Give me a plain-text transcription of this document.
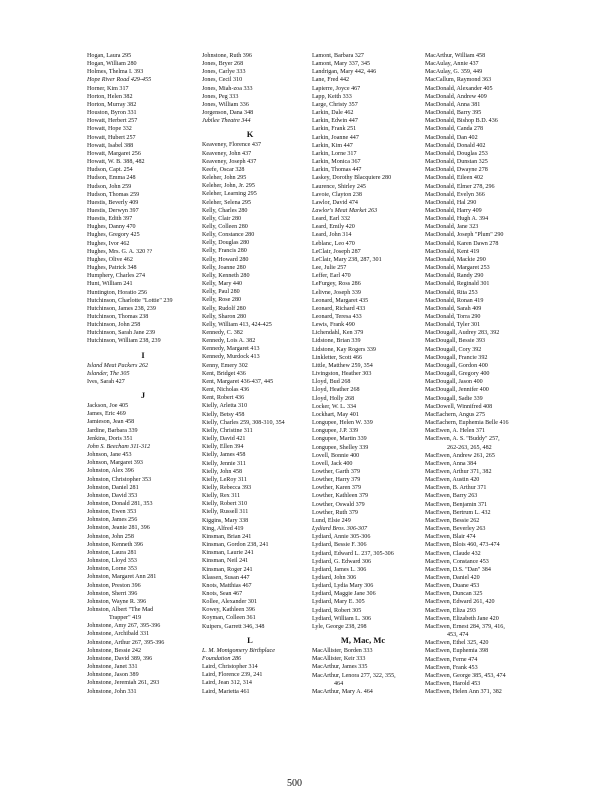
Hogan, Laura 295
Hogan, William 280
Holmes, Thelma I. 393
Hope River Road 429-455
Horner, Kim 317
Horton, Helen 382
Horton, Murray 382
Houston, Byron 331
Howatt, Herbert 257
Howatt, Hope 332
Howatt, Hubert 257
Howatt, Isabel 388
Howatt, Margaret 256
Howatt, W. B. 388, 482
Hudson, Capt. 254
Hudson, Emma 248
Hudson, John 259
Hudson, Thomas 259
Huestis, Beverly 409
Huestis, Derwyn 397
Huestis, Edith 397
Hughes, Danny 470
Hughes, Gregory 425
Hughes, Ivor 462
Hughes, Mrs. G. A. 320 ??
Hughes, Olive 462
Hughes, Patrick 348
Humphery, Charles 274
Hunt, William 241
Huntington, Horatio 256
Hutchinson, Charlotte "Lottie" 239
Hutchinson, James 238, 239
Hutchinson, Thomas 238
Hutchinson, John 258
Hutchinson, Sarah Jane 239
Hutchinson, William 238, 239
I
Island Meat Packers 262
Islander, The 305
Ives, Sarah 427
J
Jackson, Joe 405
James, Eric 469
Jamieson, Jean 458
Jardine, Barbara 339
Jenkins, Doris 351
John S. Beecham 311-312
Johnson, Jane 453
Johnson, Margaret 393
Johnston, Alex 396
Johnston, Christopher 353
Johnston, Daniel 281
Johnston, David 353
Johnston, Donald 281, 353
Johnston, Ewen 353
Johnston, James 256
Johnston, Jeanie 281, 396
Johnston, John 258
Johnston, Kenneth 396
Johnston, Laura 281
Johnston, Lloyd 353
Johnston, Lorne 353
Johnston, Margaret Ann 281
Johnston, Preston 396
Johnston, Sherri 396
Johnston, Wayne R. 396
Johnston, Albert "The Mad
Trapper" 419
Johnstone, Amy 267, 395-396
Johnstone, Archibald 331
Johnstone, Arthur 267, 395-396
Johnstone, Bessie 242
Johnstone, David 389, 396
Johnstone, Janet 331
Johnstone, Jason 389
Johnstone, Jeremiah 261, 293
Johnstone, John 331
Johnstone, Ruth 396
Jones, Bryer 268
Jones, Carlye 333
Jones, Cecil 310
Jones, Miah-zoa 333
Jones, Peg 333
Jones, William 336
Jorgenson, Dana 348
Jubilee Theatre 344
K
Keaveney, Florence 437
Keaveney, John 437
Keaveney, Joseph 437
Keefe, Oscar 328
Keleher, John 295
Keleher, John, Jr. 295
Keleher, Learning 295
Keleher, Selena 295
Kelly, Charles 280
Kelly, Clair 280
Kelly, Colleen 280
Kelly, Constance 280
Kelly, Douglas 280
Kelly, Francis 280
Kelly, Howard 280
Kelly, Joanne 280
Kelly, Kenneth 280
Kelly, Mary 440
Kelly, Paul 280
Kelly, Rose 280
Kelly, Rudolf 280
Kelly, Sharon 280
Kelly, William 413, 424-425
Kennedy, C. 382
Kennedy, Lois A. 382
Kennedy, Margaret 413
Kennedy, Murdock 413
Kenny, Emery 302
Kent, Bridget 436
Kent, Margaret 436-437, 445
Kent, Nicholas 436
Kent, Robert 436
Kielly, Arletta 310
Kielly, Betsy 458
Kielly, Charles 259, 308-310, 354
Kielly, Christine 311
Kielly, David 421
Kielly, Ellen 394
Kielly, James 458
Kielly, Jennie 311
Kielly, John 458
Kielly, LeRoy 311
Kielly, Rebecca 393
Kielly, Rex 311
Kielly, Robert 310
Kielly, Russell 311
Kiggins, Mary 338
King, Alfred 419
Kinsman, Brian 241
Kinsman, Gordon 238, 241
Kinsman, Laurie 241
Kinsman, Neil 241
Kinsman, Roger 241
Klassen, Susan 447
Knots, Matthias 467
Knots, Sean 467
Kollee, Alexander 301
Kowey, Kathleen 396
Koyman, Colleen 361
Kuipers, Garrett 346, 348
L
L. M. Montgomery Birthplace
Foundation 286
Laird, Christopher 314
Laird, Florence 239, 241
Laird, Jean 312, 314
Laird, Marietta 461
Lamont, Barbara 327
Lamont, Mary 337, 345
Landrigan, Mary 442, 446
Lane, Fred 442
Lapierre, Joyce 467
Lapp, Keith 333
Large, Christy 357
Larkin, Dale 462
Larkin, Edwin 447
Larkin, Frank 251
Larkin, Joanne 447
Larkin, Kim 447
Larkin, Lorne 317
Larkin, Monica 367
Larkin, Thomas 447
Laskey, Dorothy Blacquiere 280
Laurence, Shirley 245
Lavoie, Clayton 238
Lawlor, David 474
Lawlor's Meat Market 263
Leard, Earl 332
Leard, Emily 420
Leard, John 314
Leblanc, Leo 470
LeClair, Joseph 287
LeClair, Mary 238, 287, 301
Lee, Julie 257
Leffer, Earl 470
LeFurgey, Ross 286
Lelivne, Joseph 339
Leonard, Margaret 435
Leonard, Richard 433
Leonard, Teresa 433
Lewis, Frank 490
Lichendahl, Ken 379
Lidstone, Brian 339
Lidstone, Kay Rogers 339
Linkletter, Scott 466
Little, Matthew 259, 354
Livingston, Heather 303
Lloyd, Bud 268
Lloyd, Heather 268
Lloyd, Holly 268
Locker, W. L. 334
Lockhart, May 401
Longupee, Helen W. 339
Longupee, J.P. 339
Longupee, Martin 339
Longupee, Shelley 339
Lovell, Bonnie 400
Lovell, Jack 400
Lowther, Garth 379
Lowther, Harry 379
Lowther, Karen 379
Lowther, Kathleen 379
Lowther, Oswald 379
Lowther, Ruth 379
Lund, Elsie 249
Lydiard Bros. 306-307
Lydiard, Annie 305-306
Lydiard, Bessie F. 306
Lydiard, Edward L. 237, 305-306
Lydiard, G. Edward 306
Lydiard, James L. 306
Lydiard, John 306
Lydiard, Lydia Mary 306
Lydiard, Maggie Jane 306
Lydiard, Mary E. 305
Lydiard, Robert 305
Lydiard, William L. 306
Lyle, George 238, 298
M, Mac, Mc
MacAllister, Borden 333
MacAllister, Keir 333
MacArthur, James 335
MacArthur, Lenora 277, 322, 355,
464
MacArthur, Mary A. 464
MacArthur, William 458
MacAulay, Annie 437
MacAulay, G. 359, 449
MacCallum, Raymond 363
MacDonald, Alexander 405
MacDonald, Andrew 409
MacDonald, Anna 381
MacDonald, Barry 395
MacDonald, Bishop B.D. 436
MacDonald, Canda 278
MacDonald, Dan 402
MacDonald, Donald 402
MacDonald, Douglas 253
MacDonald, Dunstan 325
MacDonald, Dwayne 278
MacDonald, Eileen 402
MacDonald, Elmer 278, 296
MacDonald, Evelyn 366
MacDonald, Hal 290
MacDonald, Harry 409
MacDonald, Hugh A. 394
MacDonald, Jane 323
MacDonald, Joseph "Plum" 290
MacDonald, Karen Dawn 278
MacDonald, Kent 419
MacDonald, Mackie 290
MacDonald, Margaret 253
MacDonald, Randy 290
MacDonald, Reginald 301
MacDonald, Rita 253
MacDonald, Ronan 419
MacDonald, Sarah 409
MacDonald, Torra 290
MacDonald, Tyler 301
MacDougall, Audrey 283, 392
MacDougall, Bessie 393
MacDougall, Cory 392
MacDougall, Francie 392
MacDougall, Gordon 400
MacDougall, Gregory 400
MacDougall, Jason 400
MacDougall, Jennifer 400
MacDougall, Sadie 339
MacDowell, Winnifred 408
MacEachern, Angus 275
MacEachern, Euphemia Belle 416
MacEwen, A. Helen 371
MacEwen, A. S. "Buddy" 257,
262-263, 265, 482
MacEwen, Andrew 261, 265
MacEwen, Anna 384
MacEwen, Arthur 371, 382
MacEwen, Austin 420
MacEwen, B. Arthur 371
MacEwen, Barry 263
MacEwen, Benjamin 371
MacEwen, Bertrum L. 432
MacEwen, Bessie 262
MacEwen, Beverley 263
MacEwen, Blair 474
MacEwen, Blois 460, 473-474
MacEwen, Claude 432
MacEwen, Constance 453
MacEwen, D.S. "Dan" 384
MacEwen, Daniel 420
MacEwen, Duane 453
MacEwen, Duncan 325
MacEwen, Edward 261, 420
MacEwen, Eliza 293
MacEwen, Elizabeth Jane 420
MacEwen, Ernest 284, 379, 416,
453, 474
MacEwen, Ethel 325, 420
MacEwen, Euphemia 398
MacEwen, Ferne 474
MacEwen, Frank 453
MacEwen, George 385, 453, 474
MacEwen, Harold 453
MacEwen, Helen Ann 371, 382
500
